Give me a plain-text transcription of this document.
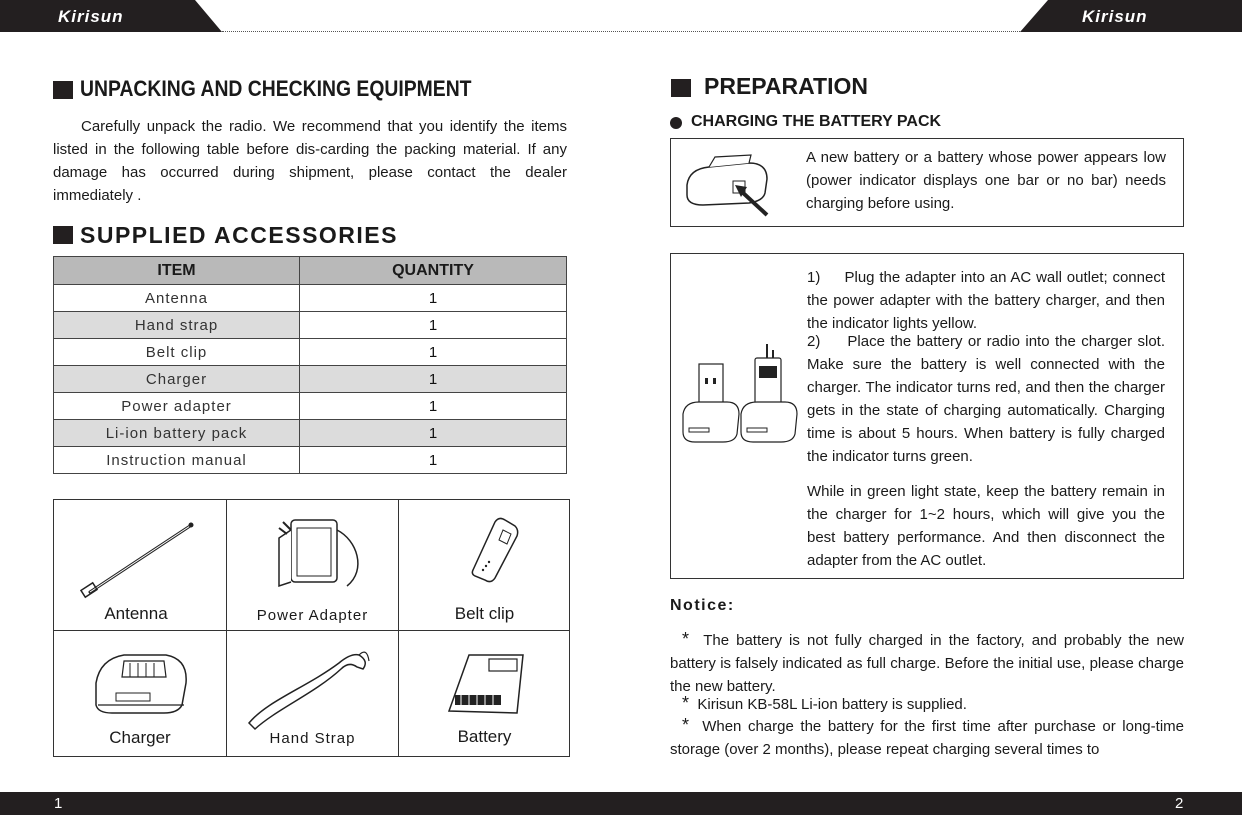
Kirisun	Kirisun
UNPACKING AND CHECKING EQUIPMENT
Carefully unpack the radio. We recommend that you identify the items listed in the following table before dis-carding the packing material. If any damage has occurred during shipment, please contact the dealer immediately .
SUPPLIED ACCESSORIES
ITEM	QUANTITY
Antenna	1
Hand strap	1
Belt clip	1
Charger	1
Power adapter	1
Li-ion battery pack	1
Instruction manual	1
Antenna	Power Adapter	Belt clip
Charger	Hand Strap	Battery
PREPARATION
CHARGING THE BATTERY PACK
A new battery or a battery whose power appears low (power indicator displays one bar or no bar) needs charging before using.
1)     Plug the adapter into an AC wall outlet; connect the power adapter with the battery charger, and then the indicator lights yellow.
2)     Place the battery or radio into the charger slot. Make sure the battery is well connected with the charger. The indicator turns red, and then the charger gets in the state of charging automatically. Charging time is about 5 hours. When battery is fully charged the indicator turns green.
While in green light state, keep the battery remain in the charger for 1~2 hours, which will give you the best battery performance. And then disconnect the adapter from the AC outlet.
Notice:
* The battery is not fully charged in the factory, and probably the new battery is falsely indicated as full charge. Before the initial use, please charge the new battery.
* Kirisun KB-58L Li-ion battery is supplied.
* When charge the battery for the first time after purchase or long-time storage (over 2 months), please repeat charging several times to
1	2
